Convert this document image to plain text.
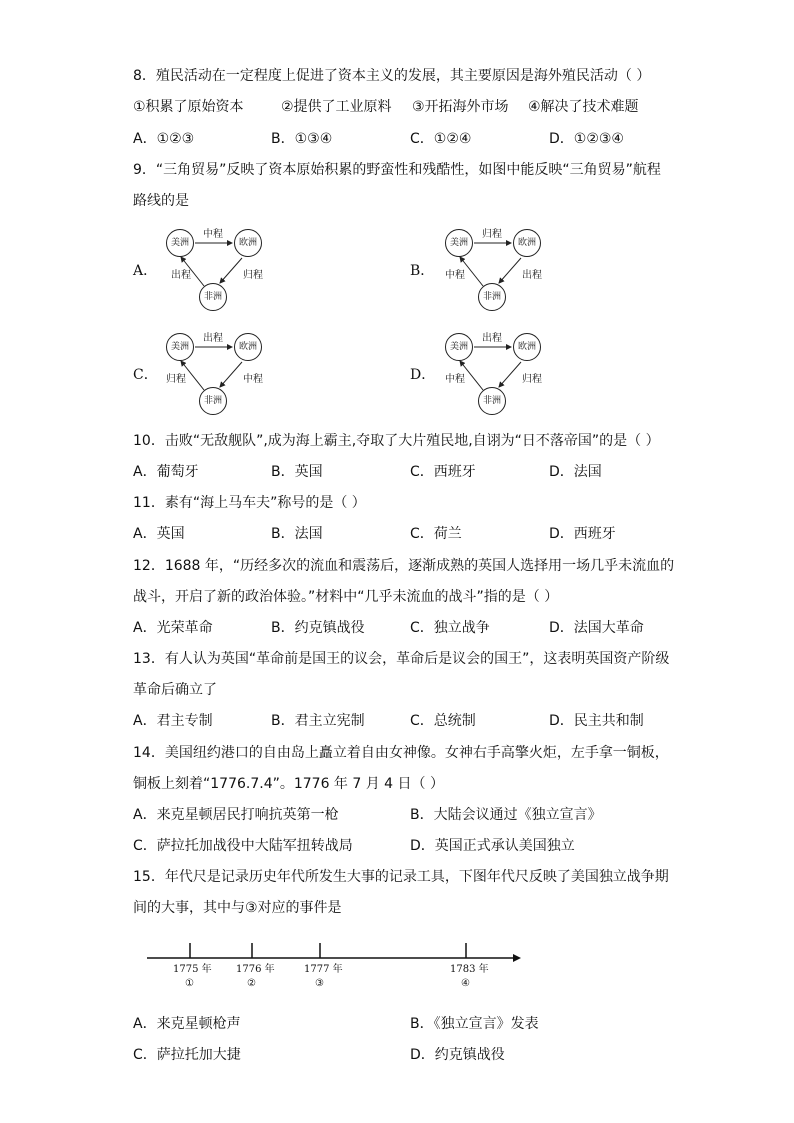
8．殖民活动在一定程度上促进了资本主义的发展，其主要原因是海外殖民活动（ ）
①积累了原始资本	②提供了工业原料 ③开拓海外市场 ④解决了技术难题
A．①②③	B．①③④	C．①②④	D．①②③④
9．“三角贸易”反映了资本原始积累的野蛮性和残酷性，如图中能反映“三角贸易”航程
路线的是
A．
美洲	欧洲
非洲
中程
出程	归程	B．
美洲	欧洲
非洲
归程
中程	出程
C．
美洲	欧洲
非洲
出程
归程	中程	D．
美洲	欧洲
非洲
出程
中程	归程
10．击败“无敌舰队”,成为海上霸主,夺取了大片殖民地,自诩为“日不落帝国”的是（ ）
A．葡萄牙	B．英国	C．西班牙	D．法国
11．素有“海上马车夫”称号的是（ ）
A．英国	B．法国	C．荷兰	D．西班牙
12．1688 年，“历经多次的流血和震荡后，逐渐成熟的英国人选择用一场几乎未流血的
战斗，开启了新的政治体验。”材料中“几乎未流血的战斗”指的是（ ）
A．光荣革命	B．约克镇战役	C．独立战争	D．法国大革命
13．有人认为英国“革命前是国王的议会，革命后是议会的国王”，这表明英国资产阶级
革命后确立了
A．君主专制	B．君主立宪制	C．总统制	D．民主共和制
14．美国纽约港口的自由岛上矗立着自由女神像。女神右手高擎火炬，左手拿一铜板，
铜板上刻着“1776.7.4”。1776 年 7 月 4 日（ ）
A．来克星顿居民打响抗英第一枪	B．大陆会议通过《独立宣言》
C．萨拉托加战役中大陆军扭转战局	D．英国正式承认美国独立
15．年代尺是记录历史年代所发生大事的记录工具，下图年代尺反映了美国独立战争期
间的大事，其中与③对应的事件是
1775 年
①
1776 年
②
1777 年
③
1783 年
④
A．来克星顿枪声	B．《独立宣言》发表
C．萨拉托加大捷	D．约克镇战役
